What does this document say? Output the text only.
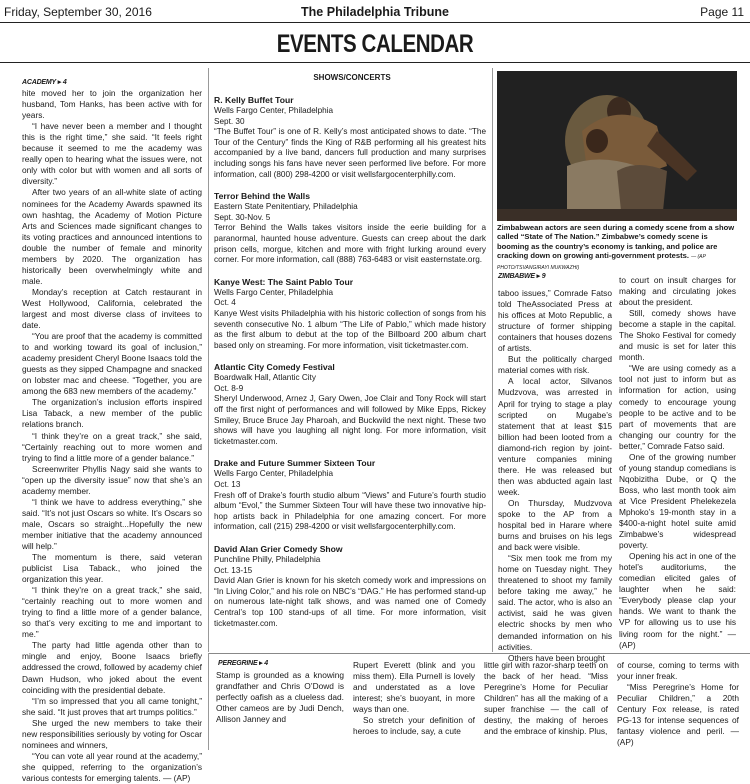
Friday, September 30, 2016	The Philadelphia Tribune	Page 11
EVENTS CALENDAR
ACADEMY ▸ 4

hite moved her to join the organization her husband, Tom Hanks, has been active with for years.

“I have never been a member and I thought this is the right time,” she said. “It feels right because it seemed to me the academy was really open to hearing what the issues were, not only with color but with women and all sorts of diversity.”

After two years of an all-white slate of acting nominees for the Academy Awards spawned its own hashtag, the Academy of Motion Picture Arts and Sciences made significant changes to its voting practices and announced intentions to double the number of female and minority members by 2020. The organization has historically been overwhelmingly white and male.

Monday’s reception at Catch restaurant in West Hollywood, California, celebrated the largest and most diverse class of invitees to date.

“You are proof that the academy is committed to and working toward its goal of inclusion,” academy president Cheryl Boone Isaacs told the guests as they sipped Champagne and snacked on lobster mac and cheese. “Together, you are among the 683 new members of the academy.”

The organization’s inclusion efforts inspired Lisa Taback, a new member of the public relations branch.

“I think they’re on a great track,” she said, “Certainly reaching out to more women and trying to find a little more of a gender balance.”

Screenwriter Phyllis Nagy said she wants to “open up the diversity issue” now that she’s an academy member.

“I think we have to address everything,” she said. “It’s not just Oscars so white. It’s Oscars so male, Oscars so straight...Hopefully the new member initiative that the academy announced will help.”

The momentum is there, said veteran publicist Lisa Taback., who joined the organization this year.

“I think they’re on a great track,” she said, “certainly reaching out to more women and trying to find a little more of a gender balance, so that’s very exciting to me and important to me.”

The party had little agenda other than to mingle and enjoy, Boone Isaacs briefly addressed the crowd, followed by academy chief Dawn Hudson, who joked about the event coinciding with the presidential debate.

“I’m so impressed that you all came tonight,” she said. “It just proves that art trumps politics.”

She urged the new members to take their new responsibilities seriously by voting for Oscar nominees and winners,

“You can vote all year round at the academy,” she quipped, referring to the organization’s various contests for emerging talents. — (AP)

SHOWS/CONCERTS
R. Kelly Buffet Tour
Wells Fargo Center, Philadelphia
Sept. 30

“The Buffet Tour” is one of R. Kelly’s most anticipated shows to date. “The Tour of the Century” finds the King of R&B performing all his greatest hits accompanied by a live band, dancers full production and many surprises including songs his fans have never seen performed live before. For more information, call (800) 298-4200 or visit wellsfargocenterphilly.com.

Terror Behind the Walls
Eastern State Penitentiary, Philadelphia
Sept. 30-Nov. 5

Terror Behind the Walls takes visitors inside the eerie building for a paranormal, haunted house adventure. Guests can creep about the dark prison cells, morgue, kitchen and more with fright lurking around every corner. For more information, call (888) 763-6483 or visit easternstate.org.

Kanye West: The Saint Pablo Tour
Wells Fargo Center, Philadelphia
Oct. 4

Kanye West visits Philadelphia with his historic collection of songs from his seventh consecutive No. 1 album “The Life of Pablo,” which made history as the first album to debut at the top of the Billboard 200 album chart based only on streaming. For more information, visit ticketmaster.com.

Atlantic City Comedy Festival
Boardwalk Hall, Atlantic City
Oct. 8-9

Sheryl Underwood, Arnez J, Gary Owen, Joe Clair and Tony Rock will start off the first night of performances and will followed by Mike Epps, Rickey Smiley, Bruce Bruce Jay Pharoah, and Buckwild the next night. These two shows will have you laughing all night long. For more information, visit ticketmaster.com.

Drake and Future Summer Sixteen Tour
Wells Fargo Center, Philadelphia
Oct. 13

Fresh off of Drake’s fourth studio album “Views” and Future’s fourth studio album “Evol,” the Summer Sixteen Tour will have these two innovative hip-hop artists back in Philadelphia for one amazing concert. For more information, call (215) 298-4200 or visit wellsfargocenterphilly.com.

David Alan Grier Comedy Show
Punchline Philly, Philadelphia
Oct. 13-15

David Alan Grier is known for his sketch comedy work and impressions on “In Living Color,” and his role on NBC’s “DAG.” He has performed stand-up on numerous late-night talk shows, and was named one of Comedy Central’s top 100 stand-ups of all time. For more information, visit ticketmaster.com.

Zimbabwean actors are seen during a comedy scene from a show called “State of The Nation.” Zimbabwe’s comedy scene is booming as the country’s economy is tanking, and police are cracking down on growing anti-government protests. — (AP PHOTO/TSVANGIRAYI MUKWAZHI)
ZIMBABWE ▸ 9

taboo issues,” Comrade Fatso told TheAssociated Press at his offices at Moto Republic, a structure of former shipping containers that houses dozens of artists.

But the politically charged material comes with risk.

A local actor, Silvanos Mudzvova, was arrested in April for trying to stage a play scripted on Mugabe’s statement that at least $15 billion had been looted from a diamond-rich region by joint-venture companies mining there. He was released but then was abducted again last week.

On Thursday, Mudzvova spoke to the AP from a hospital bed in Harare where burns and bruises on his legs and back were visible.

“Six men took me from my home on Tuesday night. They threatened to shoot my family before taking me away,” he said. The actor, who is also an activist, said he was given electric shocks by men who demanded information on his activities.

Others have been brought

to court on insult charges for making and circulating jokes about the president.

Still, comedy shows have become a staple in the capital. The Shoko Festival for comedy and music is set for later this month.

“We are using comedy as a tool not just to inform but as information for action, using comedy to encourage young people to be active and to be part of movements that are changing our country for the better,” Comrade Fatso said.

One of the growing number of young standup comedians is Nqobizitha Dube, or Q the Boss, who last month took aim at Vice President Phelekezela Mphoko’s 19-month stay in a $400-a-night hotel suite amid Zimbabwe’s widespread poverty.

Opening his act in one of the hotel’s auditoriums, the comedian elicited gales of laughter when he said: “Everybody please clap your hands. We want to thank the VP for allowing us to use his living room for the night.” — (AP)

PEREGRINE ▸ 4

Stamp is grounded as a knowing grandfather and Chris O’Dowd is perfectly oafish as a clueless dad. Other cameos are by Judi Dench, Allison Janney and

Rupert Everett (blink and you miss them). Ella Purnell is lovely and understated as a love interest; she’s buoyant, in more ways than one.

So stretch your definition of heroes to include, say, a cute

little girl with razor-sharp teeth on the back of her head. “Miss Peregrine’s Home for Peculiar Children” has all the making of a super franchise — the call of destiny, the making of heroes and the embrace of kinship. Plus,

of course, coming to terms with your inner freak.

“Miss Peregrine’s Home for Peculiar Children,” a 20th Century Fox release, is rated PG-13 for intense sequences of fantasy violence and peril. — (AP)
